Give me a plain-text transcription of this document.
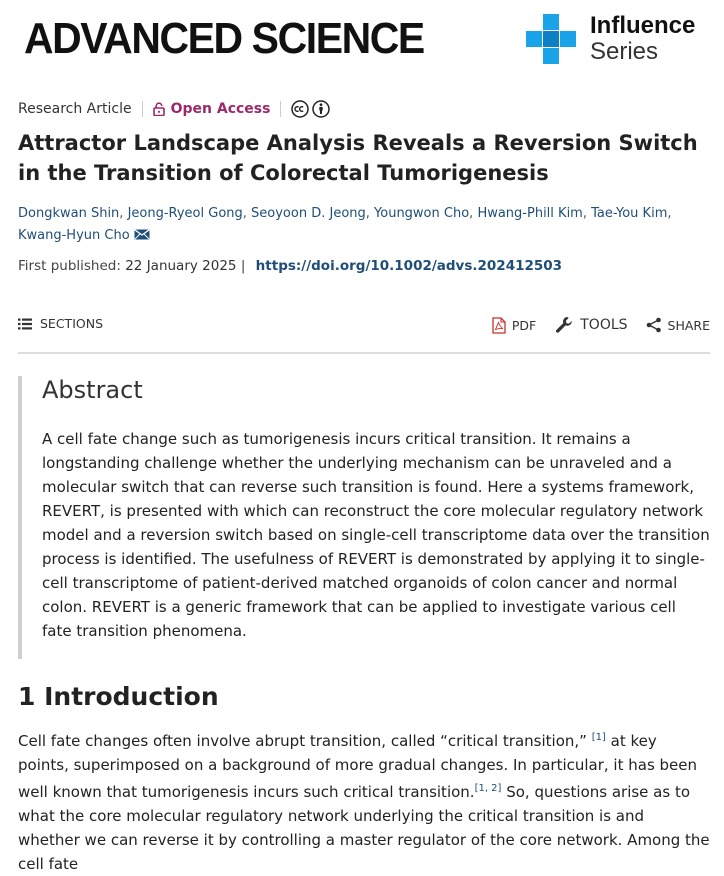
ADVANCED SCIENCE	Influence
Series
Research Article	Open Access
Attractor Landscape Analysis Reveals a Reversion Switch in the Transition of Colorectal Tumorigenesis
Dongkwan Shin, Jeong-Ryeol Gong, Seoyoon D. Jeong, Youngwon Cho, Hwang-Phill Kim, Tae-You Kim, Kwang-Hyun Cho
First published: 22 January 2025 | https://doi.org/10.1002/advs.202412503
SECTIONS	PDF	TOOLS	SHARE
Abstract

A cell fate change such as tumorigenesis incurs critical transition. It remains a longstanding challenge whether the underlying mechanism can be unraveled and a molecular switch that can reverse such transition is found. Here a systems framework, REVERT, is presented with which can reconstruct the core molecular regulatory network model and a reversion switch based on single-cell transcriptome data over the transition process is identified. The usefulness of REVERT is demonstrated by applying it to single-cell transcriptome of patient-derived matched organoids of colon cancer and normal colon. REVERT is a generic framework that can be applied to investigate various cell fate transition phenomena.

1 Introduction

Cell fate changes often involve abrupt transition, called “critical transition,” [1] at key points, superimposed on a background of more gradual changes. In particular, it has been well known that tumorigenesis incurs such critical transition.[1, 2] So, questions arise as to what the core molecular regulatory network underlying the critical transition is and whether we can reverse it by controlling a master regulator of the core network. Among the cell fate
